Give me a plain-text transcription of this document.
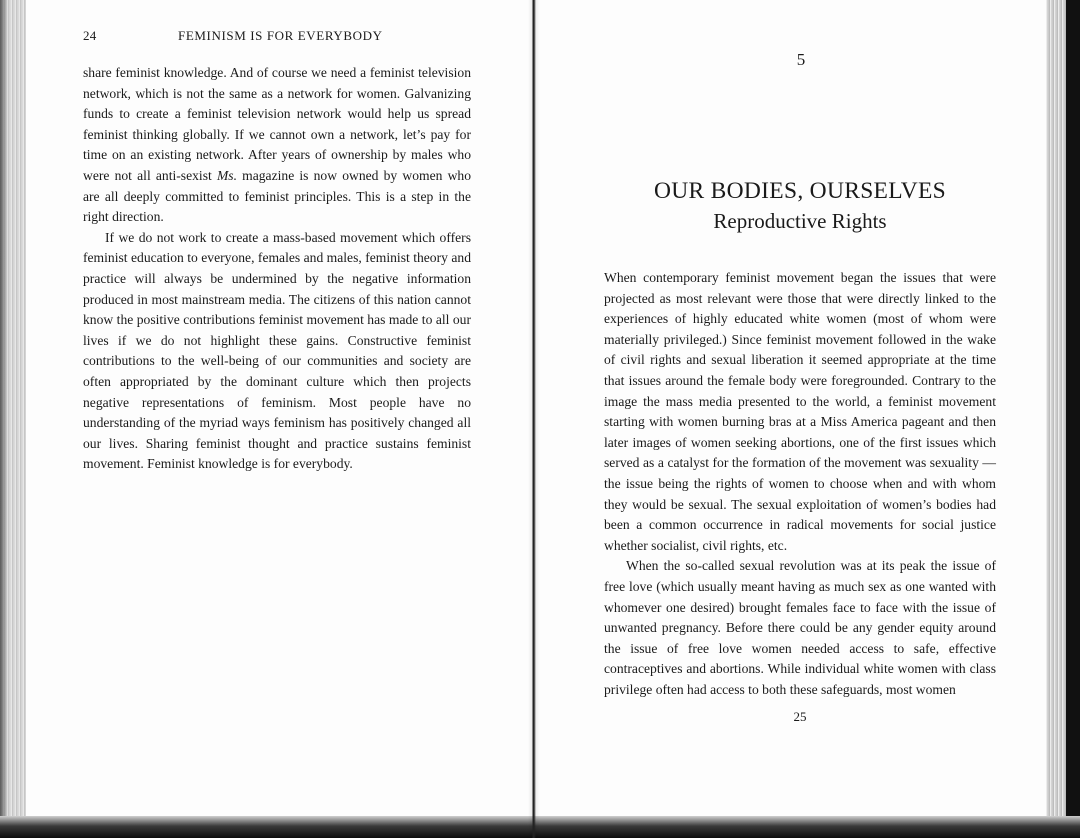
24	FEMINISM IS FOR EVERYBODY

share feminist knowledge. And of course we need a feminist television network, which is not the same as a network for women. Galvanizing funds to create a feminist television network would help us spread feminist thinking globally. If we cannot own a network, let’s pay for time on an existing network. After years of ownership by males who were not all anti-sexist Ms. magazine is now owned by women who are all deeply committed to feminist principles. This is a step in the right direction.

If we do not work to create a mass-based movement which offers feminist education to everyone, females and males, feminist theory and practice will always be undermined by the negative information produced in most mainstream media. The citizens of this nation cannot know the positive contributions feminist movement has made to all our lives if we do not highlight these gains. Constructive feminist contributions to the well-being of our communities and society are often appropriated by the dominant culture which then projects negative representations of feminism. Most people have no understanding of the myriad ways feminism has positively changed all our lives. Sharing feminist thought and practice sustains feminist movement. Feminist knowledge is for everybody.

5
OUR BODIES, OURSELVES
Reproductive Rights

When contemporary feminist movement began the issues that were projected as most relevant were those that were directly linked to the experiences of highly educated white women (most of whom were materially privileged.) Since feminist movement followed in the wake of civil rights and sexual liberation it seemed appropriate at the time that issues around the female body were foregrounded. Contrary to the image the mass media presented to the world, a feminist movement starting with women burning bras at a Miss America pageant and then later images of women seeking abortions, one of the first issues which served as a catalyst for the formation of the movement was sexuality — the issue being the rights of women to choose when and with whom they would be sexual. The sexual exploitation of women’s bodies had been a common occurrence in radical movements for social justice whether socialist, civil rights, etc.

When the so-called sexual revolution was at its peak the issue of free love (which usually meant having as much sex as one wanted with whomever one desired) brought females face to face with the issue of unwanted pregnancy. Before there could be any gender equity around the issue of free love women needed access to safe, effective contraceptives and abortions. While individual white women with class privilege often had access to both these safeguards, most women

25
